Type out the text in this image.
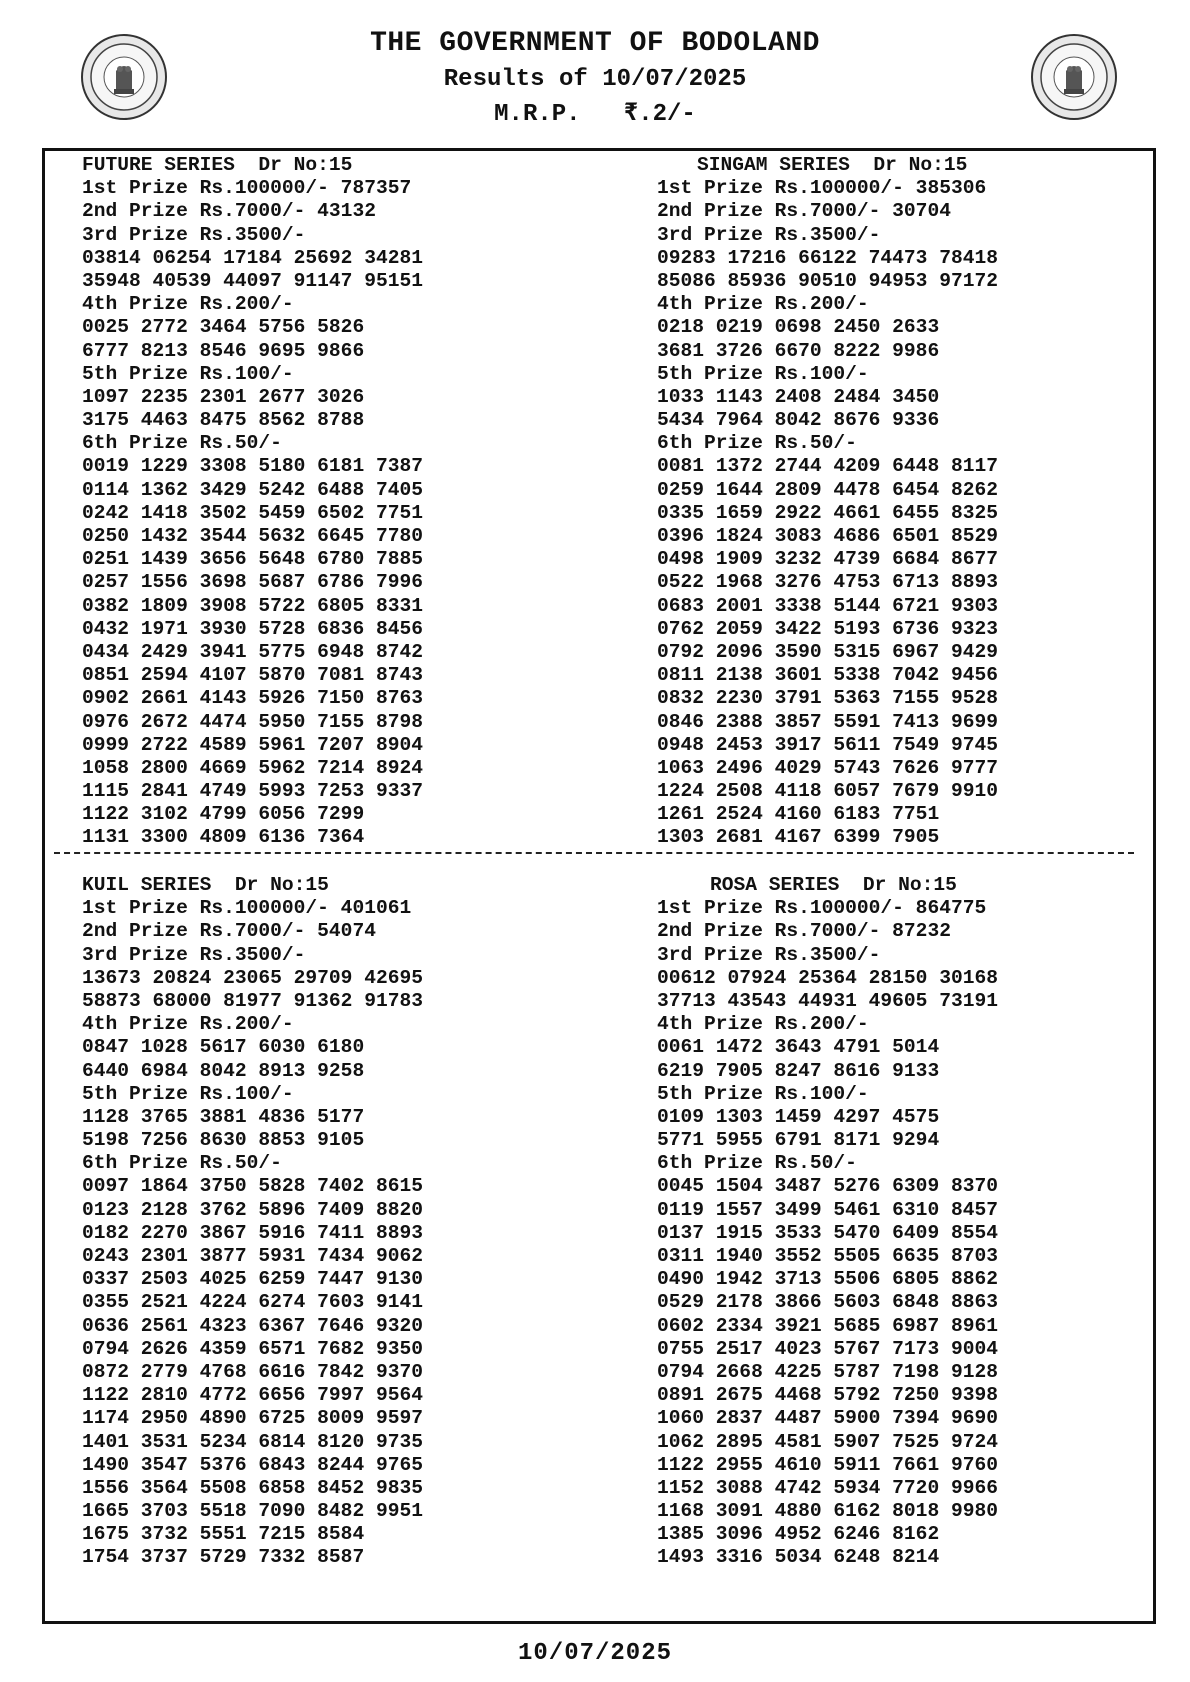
THE GOVERNMENT OF BODOLAND
Results of 10/07/2025
M.R.P.   ₹.2/-
FUTURE SERIES  Dr No:15
1st Prize Rs.100000/- 787357
2nd Prize Rs.7000/- 43132
3rd Prize Rs.3500/-
03814 06254 17184 25692 34281
35948 40539 44097 91147 95151
4th Prize Rs.200/-
0025 2772 3464 5756 5826
6777 8213 8546 9695 9866
5th Prize Rs.100/-
1097 2235 2301 2677 3026
3175 4463 8475 8562 8788
6th Prize Rs.50/-
0019 1229 3308 5180 6181 7387
0114 1362 3429 5242 6488 7405
0242 1418 3502 5459 6502 7751
0250 1432 3544 5632 6645 7780
0251 1439 3656 5648 6780 7885
0257 1556 3698 5687 6786 7996
0382 1809 3908 5722 6805 8331
0432 1971 3930 5728 6836 8456
0434 2429 3941 5775 6948 8742
0851 2594 4107 5870 7081 8743
0902 2661 4143 5926 7150 8763
0976 2672 4474 5950 7155 8798
0999 2722 4589 5961 7207 8904
1058 2800 4669 5962 7214 8924
1115 2841 4749 5993 7253 9337
1122 3102 4799 6056 7299
1131 3300 4809 6136 7364
SINGAM SERIES  Dr No:15
1st Prize Rs.100000/- 385306
2nd Prize Rs.7000/- 30704
3rd Prize Rs.3500/-
09283 17216 66122 74473 78418
85086 85936 90510 94953 97172
4th Prize Rs.200/-
0218 0219 0698 2450 2633
3681 3726 6670 8222 9986
5th Prize Rs.100/-
1033 1143 2408 2484 3450
5434 7964 8042 8676 9336
6th Prize Rs.50/-
0081 1372 2744 4209 6448 8117
0259 1644 2809 4478 6454 8262
0335 1659 2922 4661 6455 8325
0396 1824 3083 4686 6501 8529
0498 1909 3232 4739 6684 8677
0522 1968 3276 4753 6713 8893
0683 2001 3338 5144 6721 9303
0762 2059 3422 5193 6736 9323
0792 2096 3590 5315 6967 9429
0811 2138 3601 5338 7042 9456
0832 2230 3791 5363 7155 9528
0846 2388 3857 5591 7413 9699
0948 2453 3917 5611 7549 9745
1063 2496 4029 5743 7626 9777
1224 2508 4118 6057 7679 9910
1261 2524 4160 6183 7751
1303 2681 4167 6399 7905
KUIL SERIES  Dr No:15
1st Prize Rs.100000/- 401061
2nd Prize Rs.7000/- 54074
3rd Prize Rs.3500/-
13673 20824 23065 29709 42695
58873 68000 81977 91362 91783
4th Prize Rs.200/-
0847 1028 5617 6030 6180
6440 6984 8042 8913 9258
5th Prize Rs.100/-
1128 3765 3881 4836 5177
5198 7256 8630 8853 9105
6th Prize Rs.50/-
0097 1864 3750 5828 7402 8615
0123 2128 3762 5896 7409 8820
0182 2270 3867 5916 7411 8893
0243 2301 3877 5931 7434 9062
0337 2503 4025 6259 7447 9130
0355 2521 4224 6274 7603 9141
0636 2561 4323 6367 7646 9320
0794 2626 4359 6571 7682 9350
0872 2779 4768 6616 7842 9370
1122 2810 4772 6656 7997 9564
1174 2950 4890 6725 8009 9597
1401 3531 5234 6814 8120 9735
1490 3547 5376 6843 8244 9765
1556 3564 5508 6858 8452 9835
1665 3703 5518 7090 8482 9951
1675 3732 5551 7215 8584
1754 3737 5729 7332 8587
ROSA SERIES  Dr No:15
1st Prize Rs.100000/- 864775
2nd Prize Rs.7000/- 87232
3rd Prize Rs.3500/-
00612 07924 25364 28150 30168
37713 43543 44931 49605 73191
4th Prize Rs.200/-
0061 1472 3643 4791 5014
6219 7905 8247 8616 9133
5th Prize Rs.100/-
0109 1303 1459 4297 4575
5771 5955 6791 8171 9294
6th Prize Rs.50/-
0045 1504 3487 5276 6309 8370
0119 1557 3499 5461 6310 8457
0137 1915 3533 5470 6409 8554
0311 1940 3552 5505 6635 8703
0490 1942 3713 5506 6805 8862
0529 2178 3866 5603 6848 8863
0602 2334 3921 5685 6987 8961
0755 2517 4023 5767 7173 9004
0794 2668 4225 5787 7198 9128
0891 2675 4468 5792 7250 9398
1060 2837 4487 5900 7394 9690
1062 2895 4581 5907 7525 9724
1122 2955 4610 5911 7661 9760
1152 3088 4742 5934 7720 9966
1168 3091 4880 6162 8018 9980
1385 3096 4952 6246 8162
1493 3316 5034 6248 8214
10/07/2025
